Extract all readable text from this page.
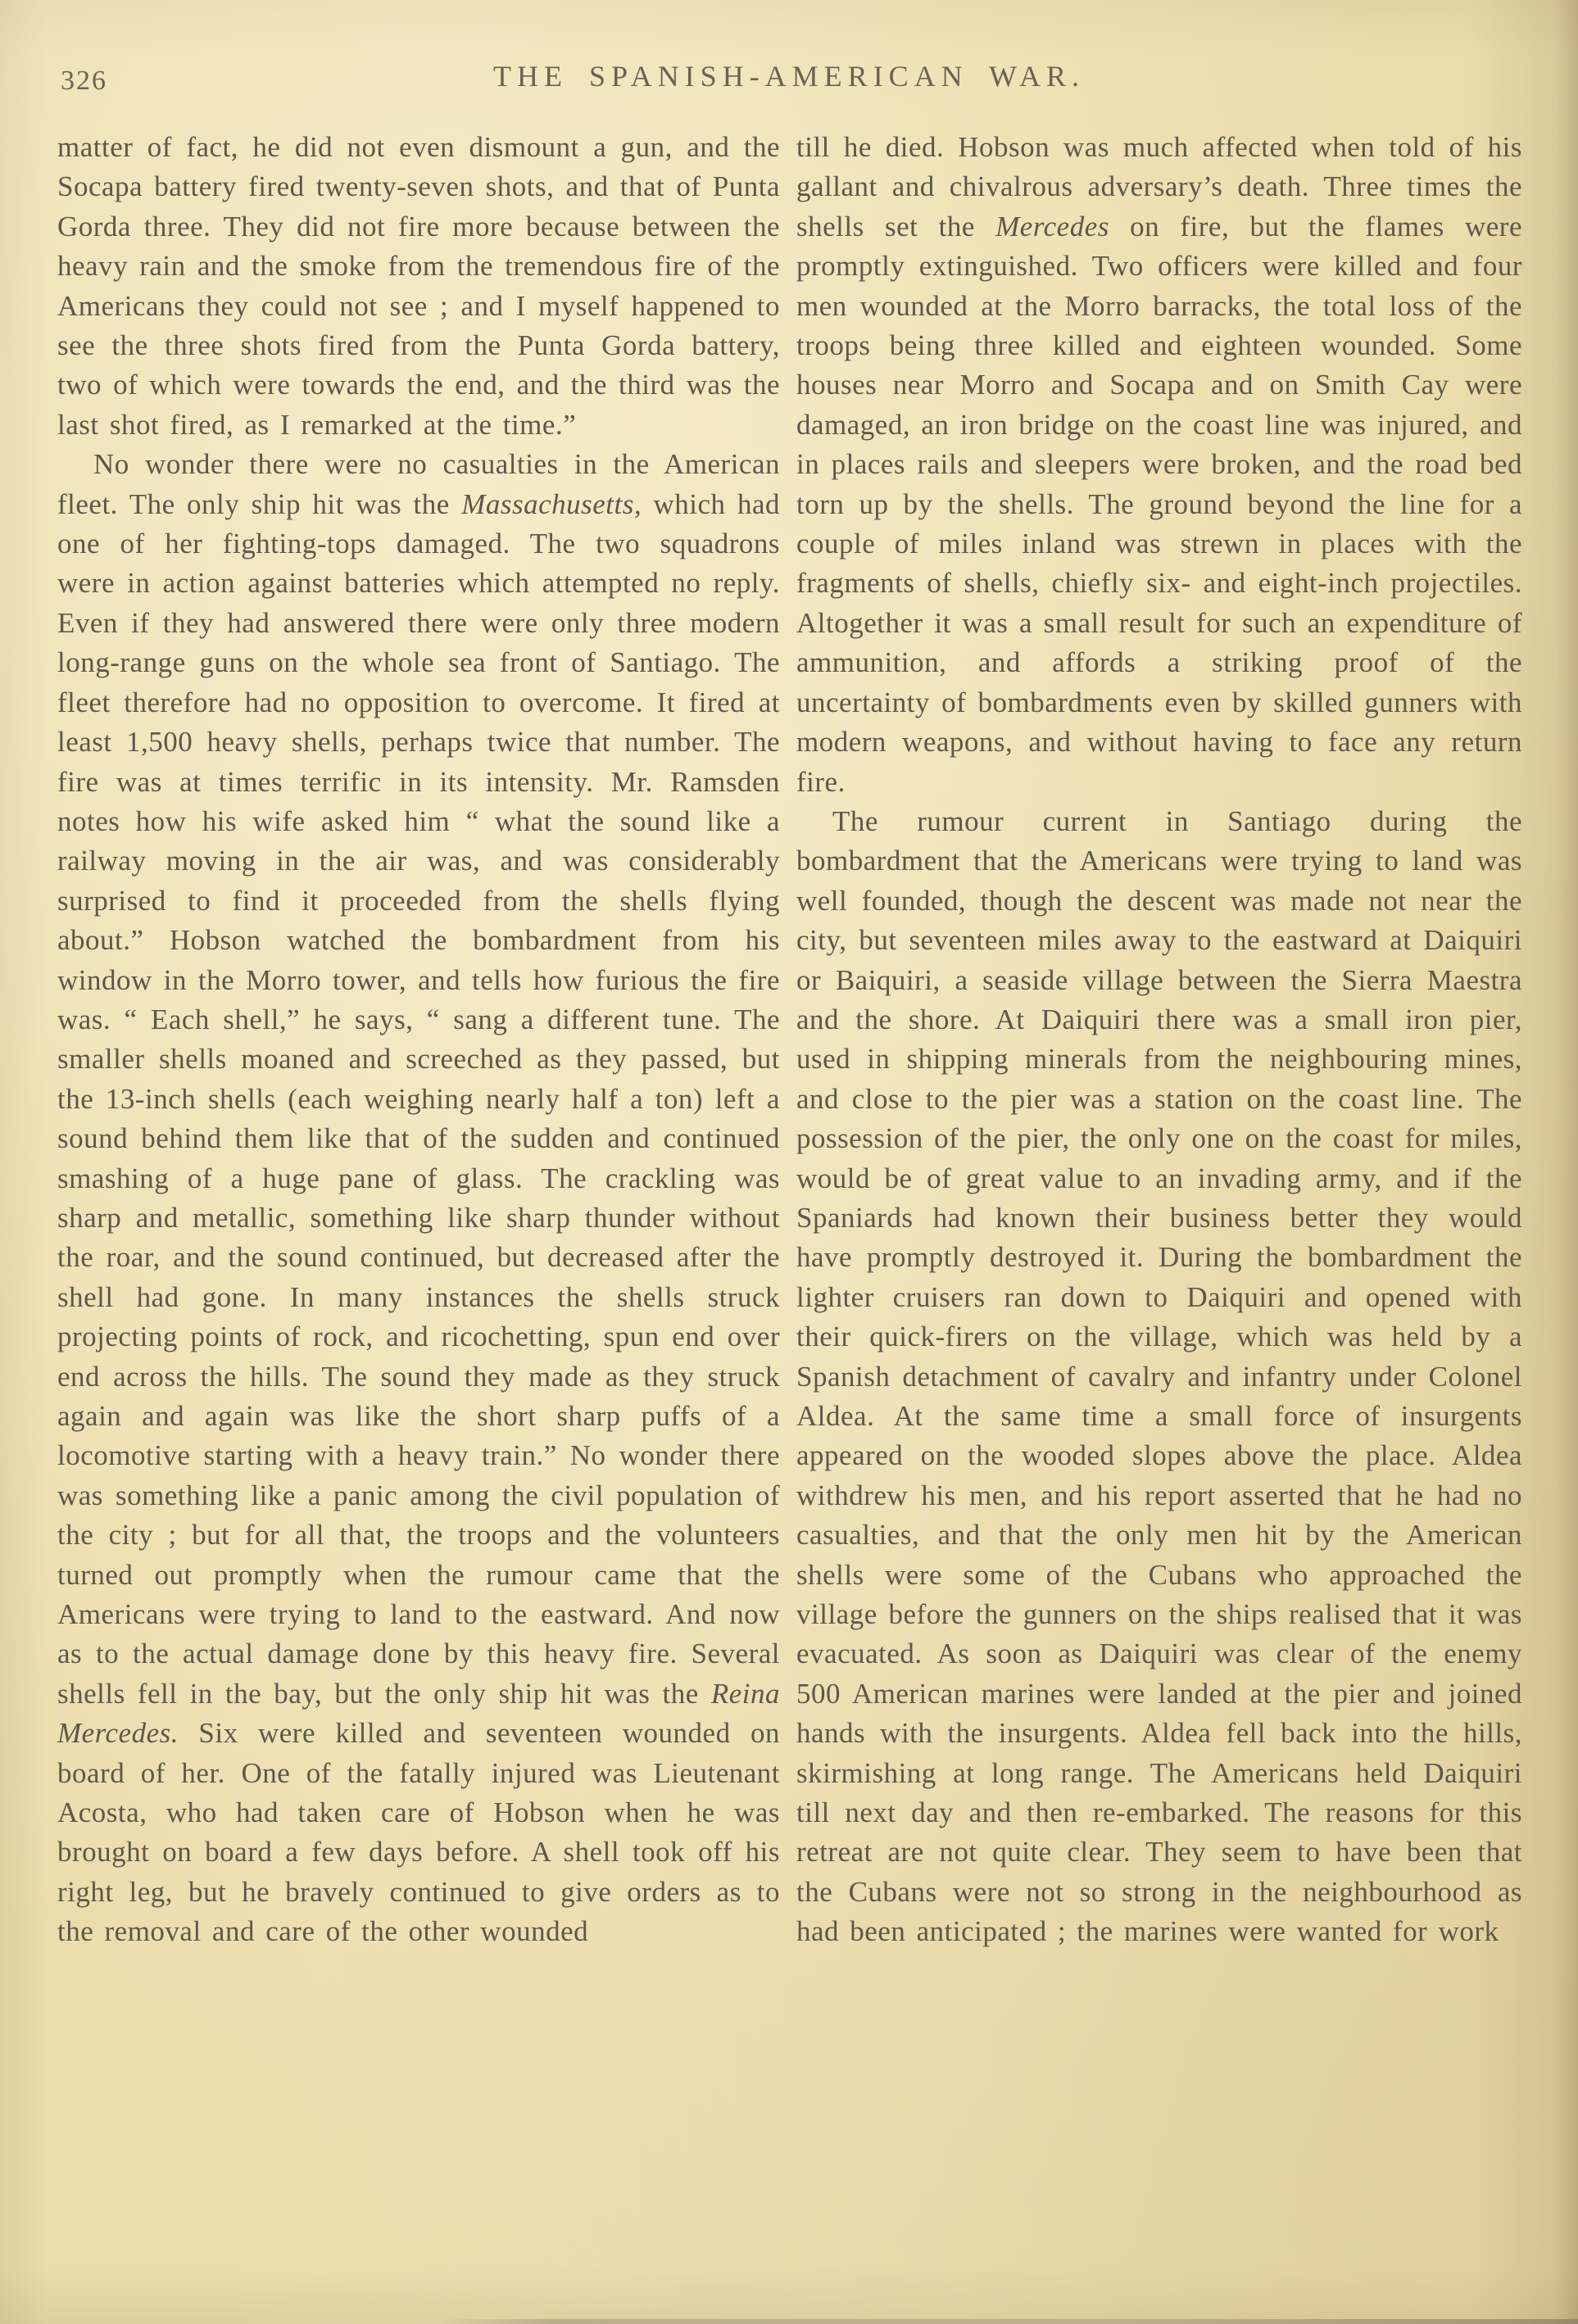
326	THE SPANISH-AMERICAN WAR.

matter of fact, he did not even dismount a gun, and the Socapa battery fired twenty-seven shots, and that of Punta Gorda three. They did not fire more because between the heavy rain and the smoke from the tremendous fire of the Americans they could not see ; and I myself happened to see the three shots fired from the Punta Gorda battery, two of which were towards the end, and the third was the last shot fired, as I remarked at the time.”

No wonder there were no casualties in the American fleet. The only ship hit was the Massachusetts, which had one of her fighting-tops damaged. The two squadrons were in action against batteries which attempted no reply. Even if they had answered there were only three modern long-range guns on the whole sea front of Santiago. The fleet therefore had no opposition to overcome. It fired at least 1,500 heavy shells, perhaps twice that number. The fire was at times terrific in its intensity. Mr. Ramsden notes how his wife asked him “ what the sound like a railway moving in the air was, and was considerably surprised to find it proceeded from the shells flying about.” Hobson watched the bombardment from his window in the Morro tower, and tells how furious the fire was. “ Each shell,” he says, “ sang a different tune. The smaller shells moaned and screeched as they passed, but the 13-inch shells (each weighing nearly half a ton) left a sound behind them like that of the sudden and continued smashing of a huge pane of glass. The crackling was sharp and metallic, something like sharp thunder without the roar, and the sound continued, but decreased after the shell had gone. In many instances the shells struck projecting points of rock, and ricochetting, spun end over end across the hills. The sound they made as they struck again and again was like the short sharp puffs of a locomotive starting with a heavy train.” No wonder there was something like a panic among the civil population of the city ; but for all that, the troops and the volunteers turned out promptly when the rumour came that the Americans were trying to land to the eastward. And now as to the actual damage done by this heavy fire. Several shells fell in the bay, but the only ship hit was the Reina Mercedes. Six were killed and seventeen wounded on board of her. One of the fatally injured was Lieutenant Acosta, who had taken care of Hobson when he was brought on board a few days before. A shell took off his right leg, but he bravely continued to give orders as to the removal and care of the other wounded

till he died. Hobson was much affected when told of his gallant and chivalrous adversary’s death. Three times the shells set the Mercedes on fire, but the flames were promptly extinguished. Two officers were killed and four men wounded at the Morro barracks, the total loss of the troops being three killed and eighteen wounded. Some houses near Morro and Socapa and on Smith Cay were damaged, an iron bridge on the coast line was injured, and in places rails and sleepers were broken, and the road bed torn up by the shells. The ground beyond the line for a couple of miles inland was strewn in places with the fragments of shells, chiefly six- and eight-inch projectiles. Altogether it was a small result for such an expenditure of ammunition, and affords a striking proof of the uncertainty of bombardments even by skilled gunners with modern weapons, and without having to face any return fire.

The rumour current in Santiago during the bombardment that the Americans were trying to land was well founded, though the descent was made not near the city, but seventeen miles away to the eastward at Daiquiri or Baiquiri, a seaside village between the Sierra Maestra and the shore. At Daiquiri there was a small iron pier, used in shipping minerals from the neighbouring mines, and close to the pier was a station on the coast line. The possession of the pier, the only one on the coast for miles, would be of great value to an invading army, and if the Spaniards had known their business better they would have promptly destroyed it. During the bombardment the lighter cruisers ran down to Daiquiri and opened with their quick-firers on the village, which was held by a Spanish detachment of cavalry and infantry under Colonel Aldea. At the same time a small force of insurgents appeared on the wooded slopes above the place. Aldea withdrew his men, and his report asserted that he had no casualties, and that the only men hit by the American shells were some of the Cubans who approached the village before the gunners on the ships realised that it was evacuated. As soon as Daiquiri was clear of the enemy 500 American marines were landed at the pier and joined hands with the insurgents. Aldea fell back into the hills, skirmishing at long range. The Americans held Daiquiri till next day and then re-embarked. The reasons for this retreat are not quite clear. They seem to have been that the Cubans were not so strong in the neighbourhood as had been anticipated ; the marines were wanted for work
